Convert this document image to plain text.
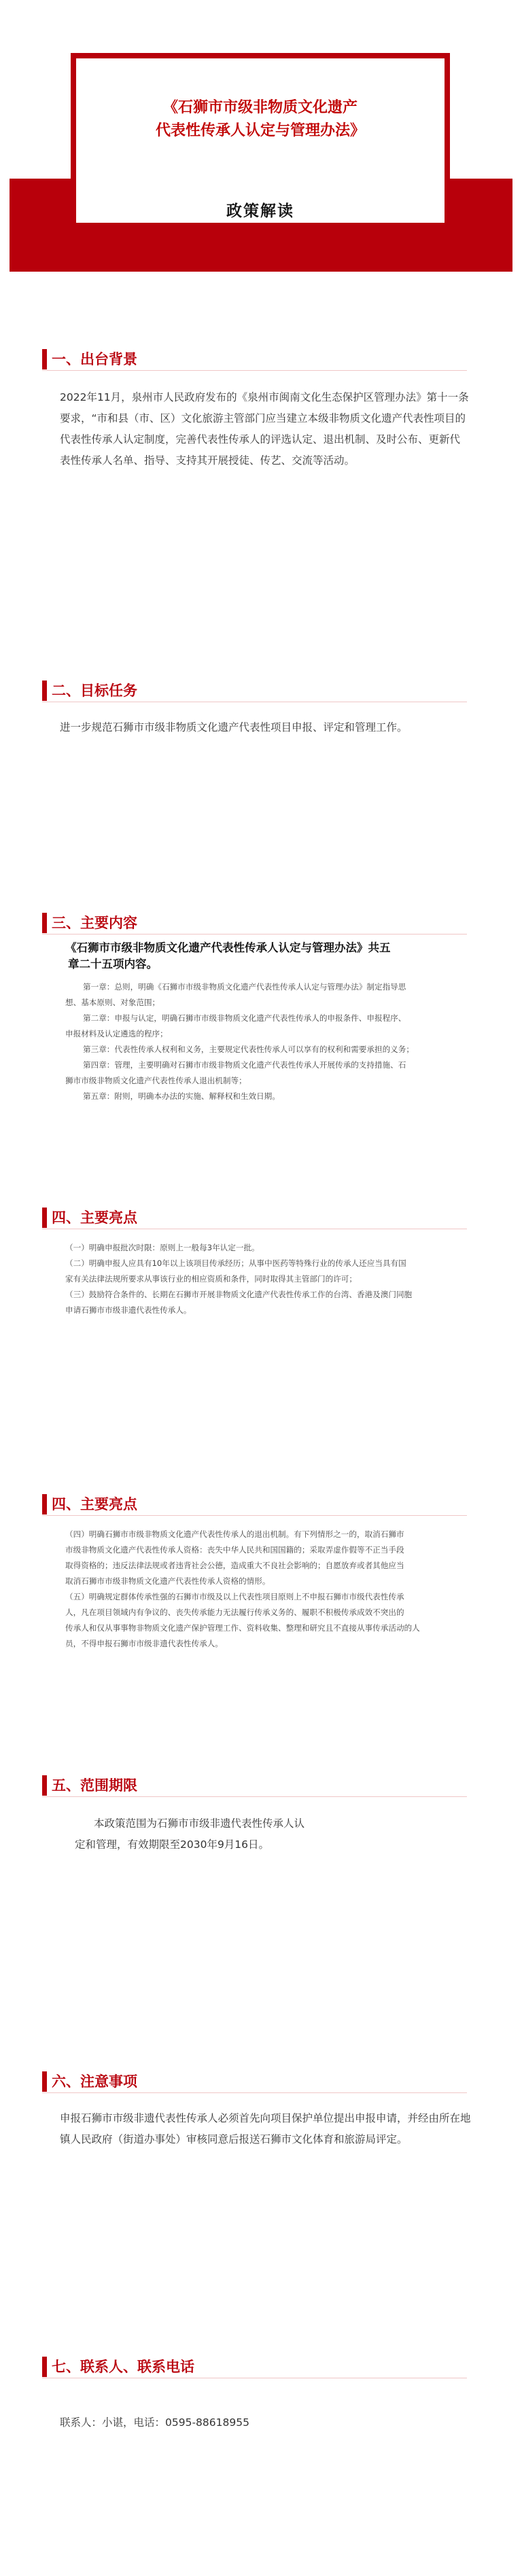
《石狮市市级非物质文化遗产
代表性传承人认定与管理办法》
政策解读
一、出台背景
2022年11月，泉州市人民政府发布的《泉州市闽南文化生态保护区管理办法》第十一条要求，“市和县（市、区）文化旅游主管部门应当建立本级非物质文化遗产代表性项目的代表性传承人认定制度，完善代表性传承人的评选认定、退出机制、及时公布、更新代表性传承人名单、指导、支持其开展授徒、传艺、交流等活动。
二、目标任务
进一步规范石狮市市级非物质文化遗产代表性项目申报、评定和管理工作。
三、主要内容
《石狮市市级非物质文化遗产代表性传承人认定与管理办法》共五
章二十五项内容。
第一章：总则，明确《石狮市市级非物质文化遗产代表性传承人认定与管理办法》制定指导思
想、基本原则、对象范围；
第二章：申报与认定，明确石狮市市级非物质文化遗产代表性传承人的申报条件、申报程序、
申报材料及认定遴选的程序；
第三章：代表性传承人权利和义务，主要规定代表性传承人可以享有的权利和需要承担的义务；
第四章：管理，主要明确对石狮市市级非物质文化遗产代表性传承人开展传承的支持措施、石
狮市市级非物质文化遗产代表性传承人退出机制等；
第五章：附则，明确本办法的实施、解释权和生效日期。
四、主要亮点
（一）明确申报批次时限：原则上一般每3年认定一批。
（二）明确申报人应具有10年以上该项目传承经历；从事中医药等特殊行业的传承人还应当具有国
家有关法律法规所要求从事该行业的相应资质和条件，同时取得其主管部门的许可；
（三）鼓励符合条件的、长期在石狮市开展非物质文化遗产代表性传承工作的台湾、香港及澳门同胞
申请石狮市市级非遗代表性传承人。
四、主要亮点
（四）明确石狮市市级非物质文化遗产代表性传承人的退出机制。有下列情形之一的，取消石狮市
市级非物质文化遗产代表性传承人资格：丧失中华人民共和国国籍的；采取弄虚作假等不正当手段
取得资格的；违反法律法规或者违背社会公德，造成重大不良社会影响的；自愿放弃或者其他应当
取消石狮市市级非物质文化遗产代表性传承人资格的情形。
（五）明确规定群体传承性强的石狮市市级及以上代表性项目原则上不申报石狮市市级代表性传承
人，凡在项目领域内有争议的、丧失传承能力无法履行传承义务的、履职不积极传承成效不突出的
传承人和仅从事事物非物质文化遗产保护管理工作、资料收集、整理和研究且不直接从事传承活动的人
员，不得申报石狮市市级非遗代表性传承人。
五、范围期限
本政策范围为石狮市市级非遗代表性传承人认
定和管理，有效期限至2030年9月16日。
六、注意事项
申报石狮市市级非遗代表性传承人必须首先向项目保护单位提出申报申请，并经由所在地镇人民政府（街道办事处）审核同意后报送石狮市文化体育和旅游局评定。
七、联系人、联系电话
联系人：小谌，电话：0595-88618955
